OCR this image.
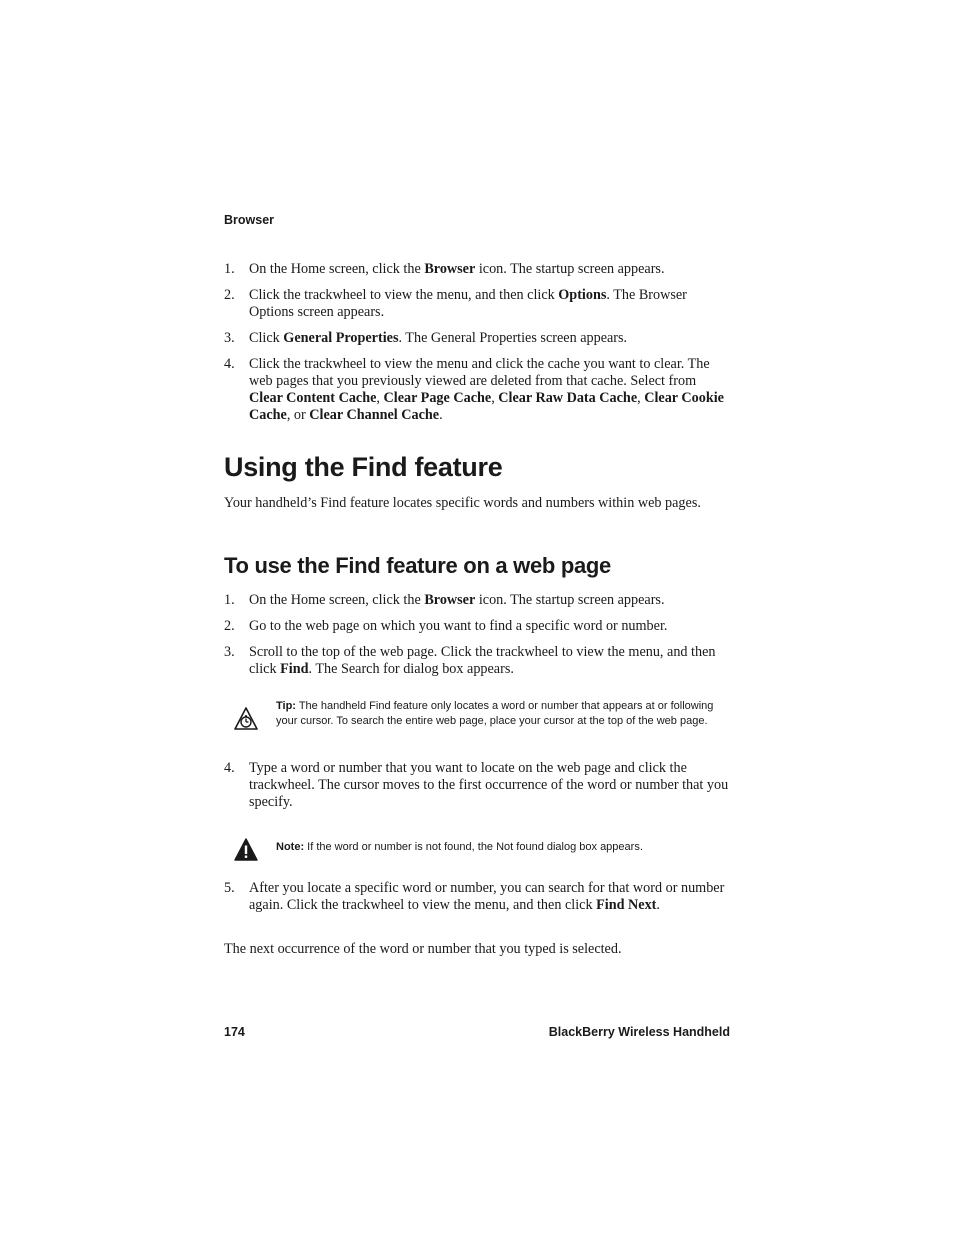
Browser
1. On the Home screen, click the Browser icon. The startup screen appears.
2. Click the trackwheel to view the menu, and then click Options. The Browser Options screen appears.
3. Click General Properties. The General Properties screen appears.
4. Click the trackwheel to view the menu and click the cache you want to clear. The web pages that you previously viewed are deleted from that cache. Select from Clear Content Cache, Clear Page Cache, Clear Raw Data Cache, Clear Cookie Cache, or Clear Channel Cache.
Using the Find feature

Your handheld’s Find feature locates specific words and numbers within web pages.

To use the Find feature on a web page
1. On the Home screen, click the Browser icon. The startup screen appears.
2. Go to the web page on which you want to find a specific word or number.
3. Scroll to the top of the web page. Click the trackwheel to view the menu, and then click Find. The Search for dialog box appears.
Tip: The handheld Find feature only locates a word or number that appears at or following your cursor. To search the entire web page, place your cursor at the top of the web page.
4. Type a word or number that you want to locate on the web page and click the trackwheel. The cursor moves to the first occurrence of the word or number that you specify.
Note: If the word or number is not found, the Not found dialog box appears.
5. After you locate a specific word or number, you can search for that word or number again. Click the trackwheel to view the menu, and then click Find Next.

The next occurrence of the word or number that you typed is selected.

174	BlackBerry Wireless Handheld
